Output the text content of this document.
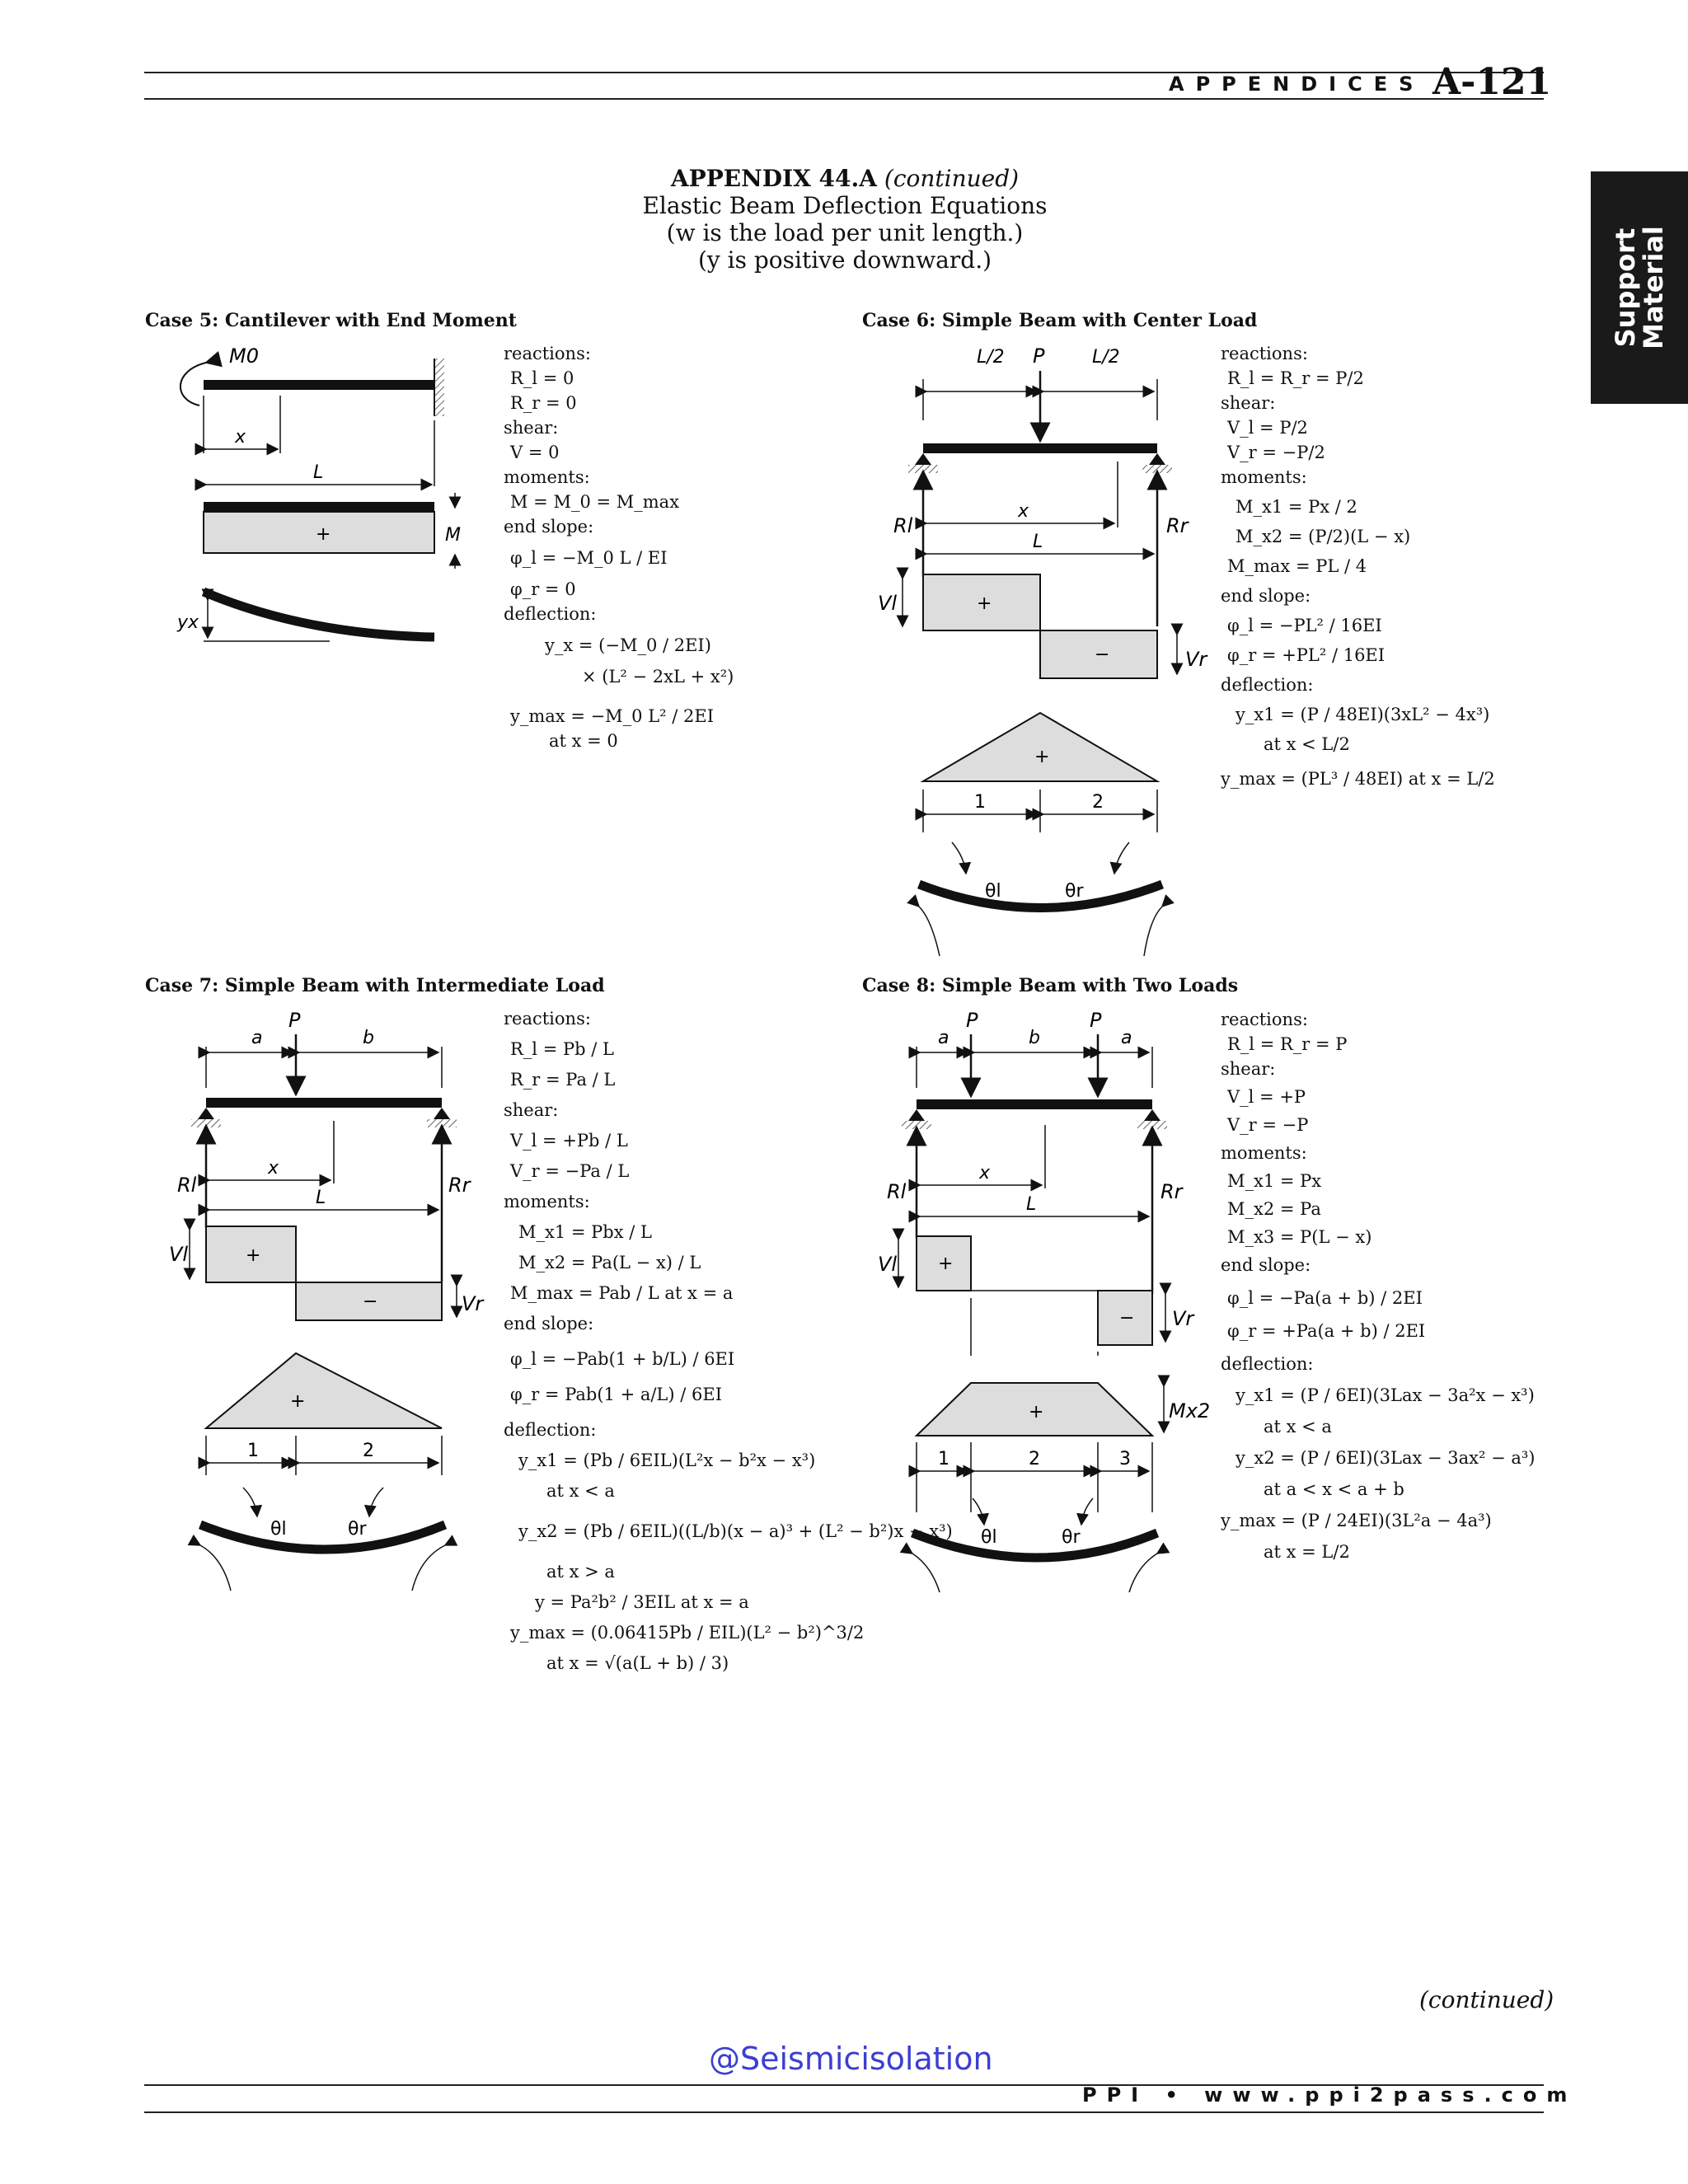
APPENDICES A-121
Support
Material
APPENDIX 44.A (continued)
Elastic Beam Deflection Equations
(w is the load per unit length.)
(y is positive downward.)
Case 5: Cantilever with End Moment	Case 6: Simple Beam with Center Load
Case 7: Simple Beam with Intermediate Load	Case 8: Simple Beam with Two Loads
M0
x
L
+	M
yx
reactions:
R_l = 0
R_r = 0
shear:
V = 0
moments:
M = M_0 = M_max
end slope:
φ_l = −M_0 L / EI
φ_r = 0
deflection:
y_x = (−M_0 / 2EI)
× (L² − 2xL + x²)
y_max = −M_0 L² / 2EI
at x = 0
L/2 P	L/2
Rl	Rr
x
L
+
Vl
−	Vr
+
1	2
θl	θr
reactions:
R_l = R_r = P/2
shear:
V_l = P/2
V_r = −P/2
moments:
M_x1 = Px / 2
M_x2 = (P/2)(L − x)
M_max = PL / 4
end slope:
φ_l = −PL² / 16EI
φ_r = +PL² / 16EI
deflection:
y_x1 = (P / 48EI)(3xL² − 4x³)
at x < L/2
y_max = (PL³ / 48EI) at x = L/2
a
P
b
Rl	Rr
x
L
+
Vl
−	Vr
+
1	2
θl	θr
reactions:
R_l = Pb / L
R_r = Pa / L
shear:
V_l = +Pb / L
V_r = −Pa / L
moments:
M_x1 = Pbx / L
M_x2 = Pa(L − x) / L
M_max = Pab / L at x = a
end slope:
φ_l = −Pab(1 + b/L) / 6EI
φ_r = Pab(1 + a/L) / 6EI
deflection:
y_x1 = (Pb / 6EIL)(L²x − b²x − x³)
at x < a
y_x2 = (Pb / 6EIL)((L/b)(x − a)³ + (L² − b²)x − x³)
at x > a
y = Pa²b² / 3EIL at x = a
y_max = (0.06415Pb / EIL)(L² − b²)^3/2
at x = √(a(L + b) / 3)
a
P
b
P
a
Rl	Rr
x
L
+
Vl
− Vr
+	Mx2
1	2	3
θl	θr
reactions:
R_l = R_r = P
shear:
V_l = +P
V_r = −P
moments:
M_x1 = Px
M_x2 = Pa
M_x3 = P(L − x)
end slope:
φ_l = −Pa(a + b) / 2EI
φ_r = +Pa(a + b) / 2EI
deflection:
y_x1 = (P / 6EI)(3Lax − 3a²x − x³)
at x < a
y_x2 = (P / 6EI)(3Lax − 3ax² − a³)
at a < x < a + b
y_max = (P / 24EI)(3L²a − 4a³)
at x = L/2
(continued)
@Seismicisolation
PPI • www.ppi2pass.com
